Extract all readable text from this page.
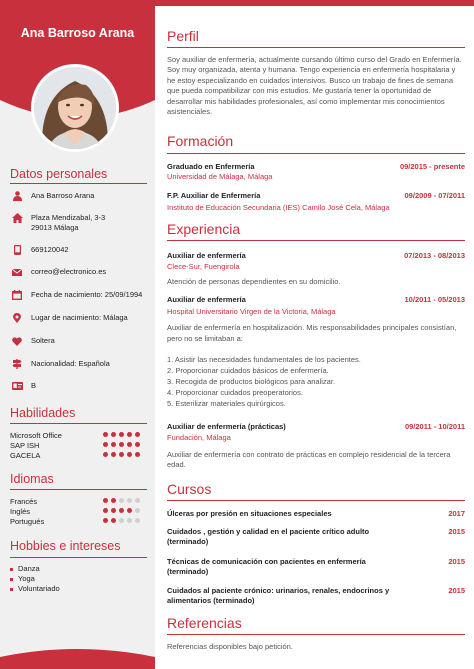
Ana Barroso Arana
Datos personales
Ana Barroso Arana
Plaza Mendizabal, 3-3
29013 Málaga
669120042
correo@electronico.es
Fecha de nacimiento: 25/09/1994
Lugar de nacimiento: Málaga
Soltera
Nacionalidad: Española
B
Habilidades
Microsoft Office
SAP ISH
GACELA
Idiomas
Francés
Inglés
Portugués
Hobbies e intereses
Danza
Yoga
Voluntariado
Perfil
Soy auxiliar de enfermería, actualmente cursando último curso del Grado en Enfermería. Soy muy organizada, atenta y humana. Tengo experiencia en enfermería hospitalaria y he estoy especializando en cuidados intensivos. Busco un trabajo de fines de semana que pueda compatibilizar con mis estudios. Me gustaría tener la oportunidad de desarrollar mis habilidades profesionales, así como implementar mis conocimientos asistenciales.
Formación
Graduado en Enfermería	09/2015 - presente
Universidad de Málaga, Málaga
F.P. Auxiliar de Enfermería	09/2009 - 07/2011
Instituto de Educación Secundaria (IES) Camilo José Cela, Málaga
Experiencia
Auxiliar de enfermería	07/2013 - 08/2013
Clece-Sur, Fuengirola
Atención de personas dependientes en su domicilio.
Auxiliar de enfermería	10/2011 - 05/2013
Hospital Universitario Virgen de la Victoria, Málaga
Auxiliar de enfermería en hospitalización. Mis responsabilidades principales consistían, pero no se limitaban a:

1. Asistir las necesidades fundamentales de los pacientes.
2. Proporcionar cuidados básicos de enfermería.
3. Recogida de productos biológicos para analizar.
4. Proporcionar cuidados preoperatorios.
5. Esterilizar materiales quirúrgicos.
Auxiliar de enfermería (prácticas)	09/2011 - 10/2011
Fundación, Málaga
Auxiliar de enfermería con contrato de prácticas en complejo residencial de la tercera edad.
Cursos
Úlceras por presión en situaciones especiales	2017
Cuidados , gestión y calidad en el paciente crítico adulto (terminado)
2015
Técnicas de comunicación con pacientes en enfermería (terminado)
2015
Cuidados al paciente crónico: urinarios, renales, endocrinos y alimentarios (terminado)
2015
Referencias
Referencias disponibles bajo petición.
